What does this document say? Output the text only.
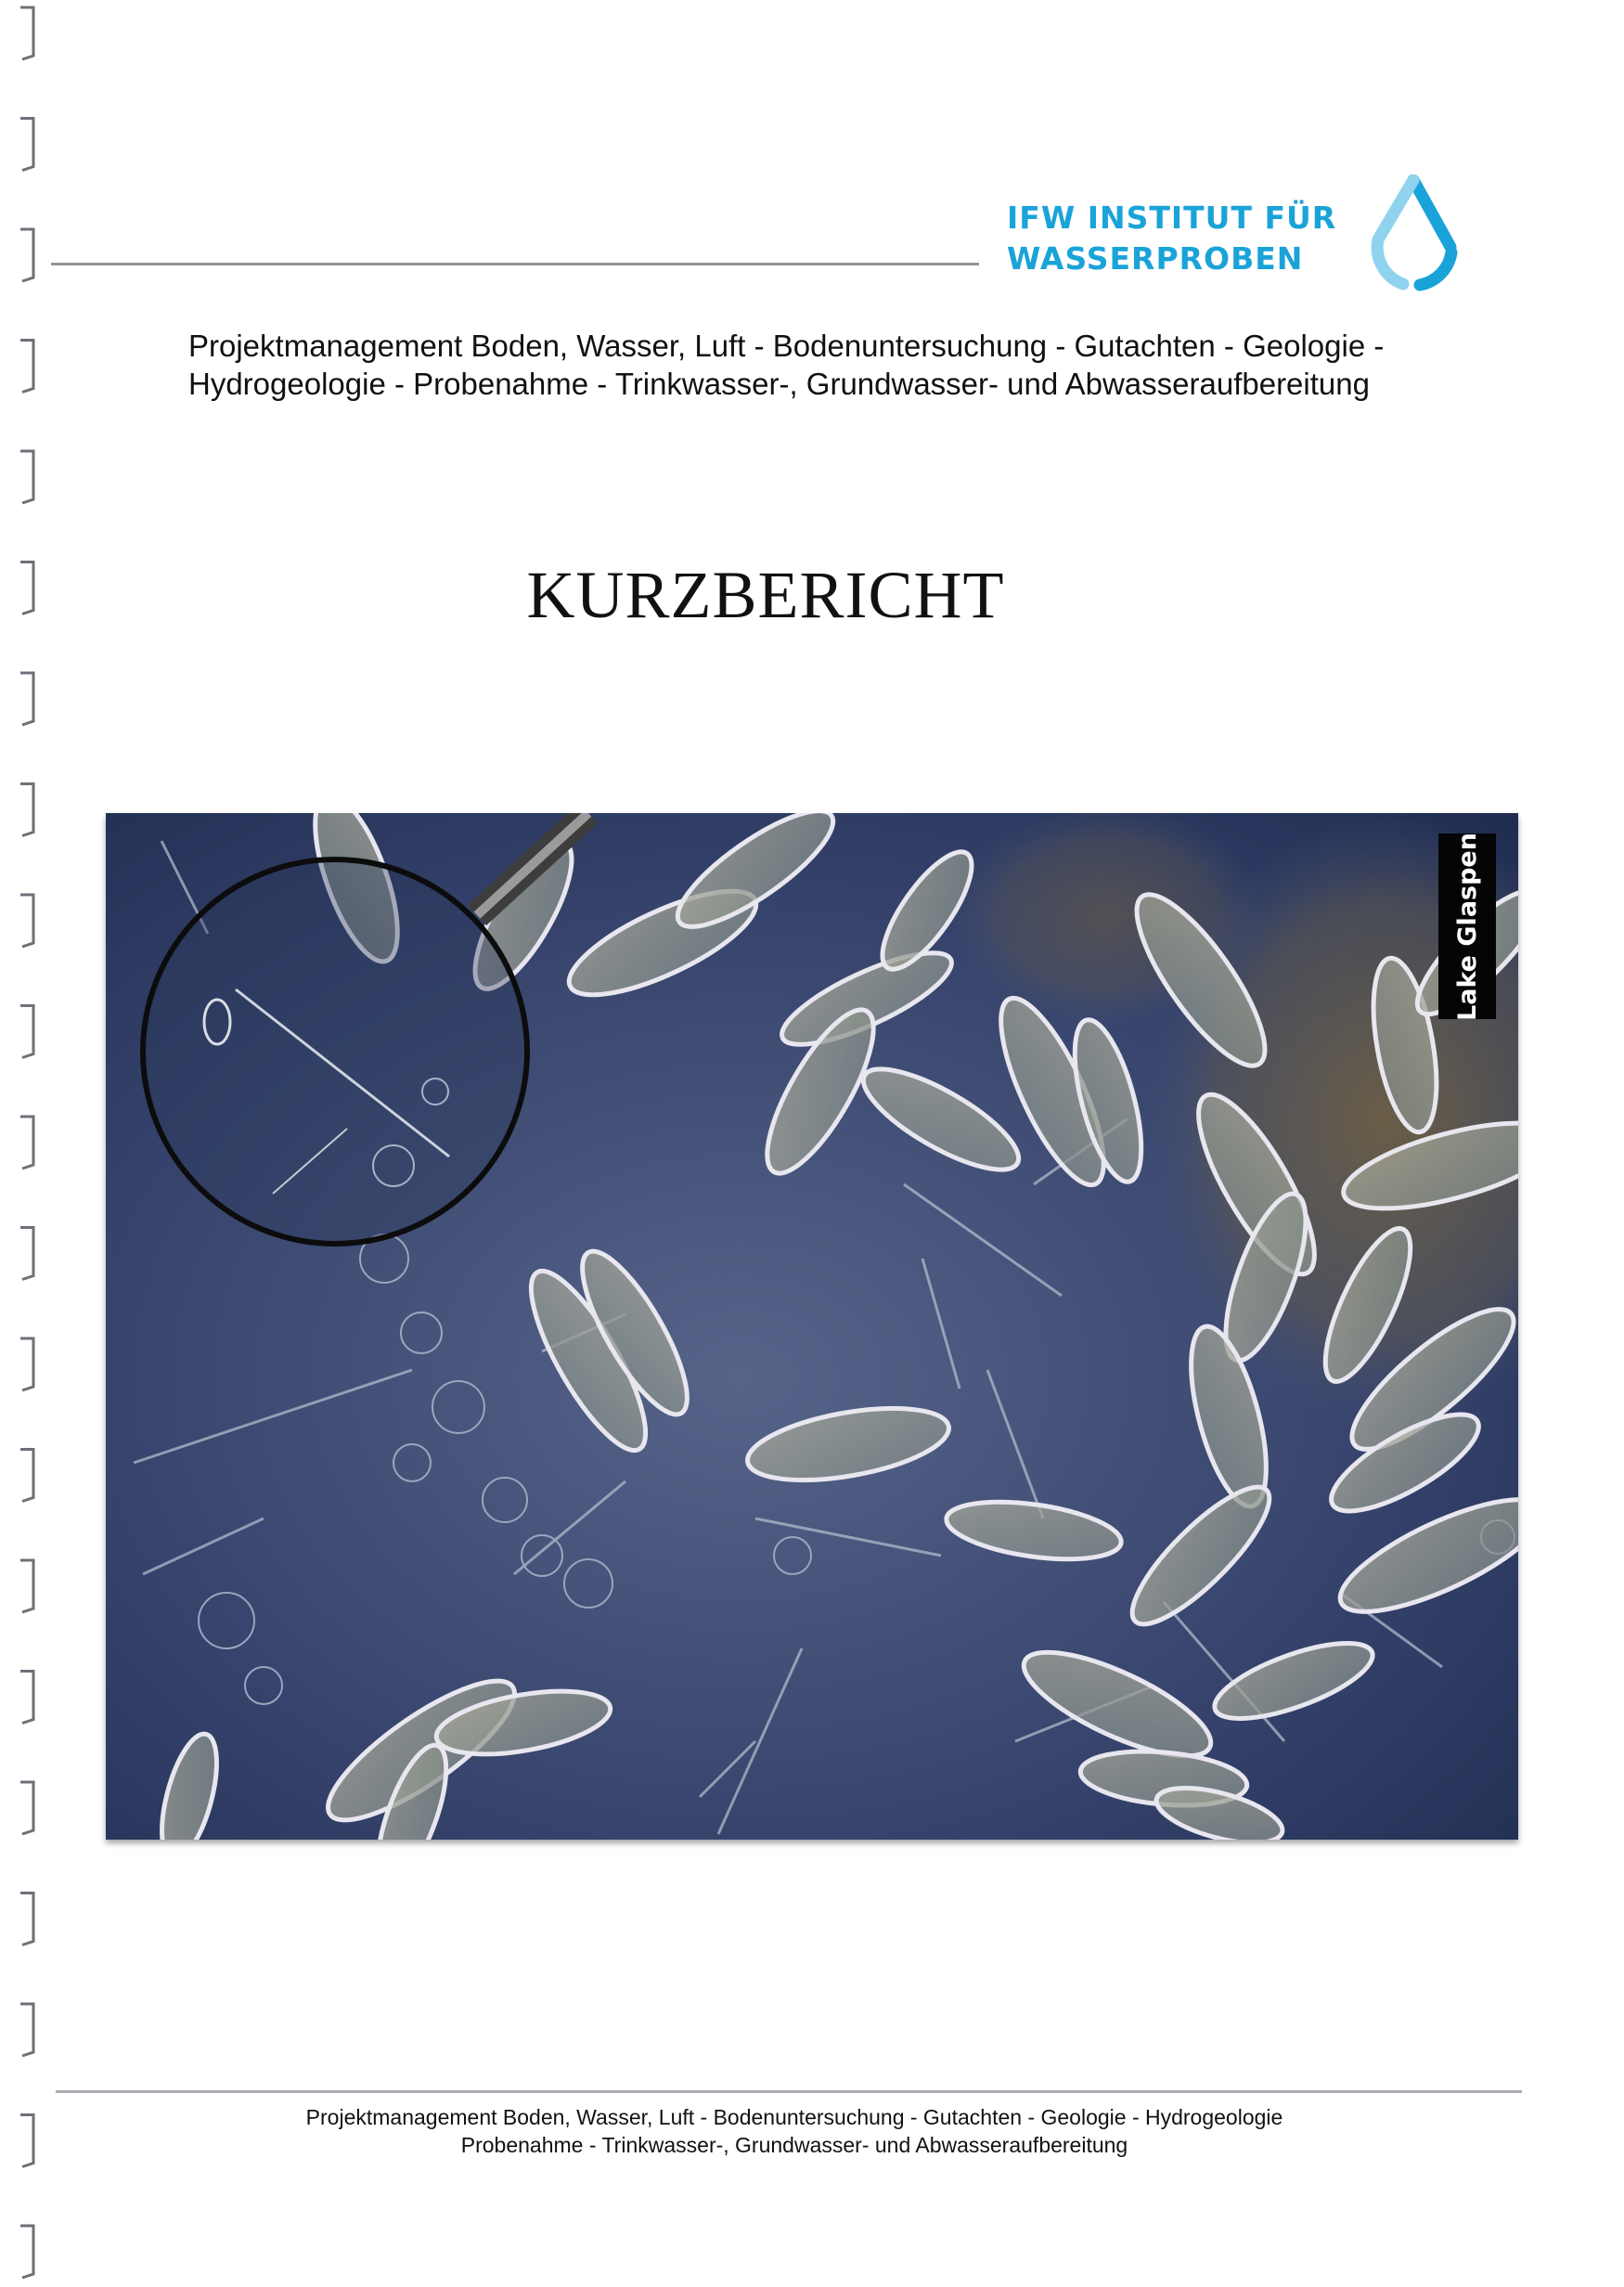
IFW INSTITUT FÜR
WASSERPROBEN
Projektmanagement Boden, Wasser, Luft - Bodenuntersuchung - Gutachten - Geologie -
Hydrogeologie - Probenahme - Trinkwasser-, Grundwasser- und Abwasseraufbereitung
KURZBERICHT
Lake Glaspen
Projektmanagement Boden, Wasser, Luft - Bodenuntersuchung - Gutachten - Geologie - Hydrogeologie
Probenahme - Trinkwasser-, Grundwasser- und Abwasseraufbereitung
